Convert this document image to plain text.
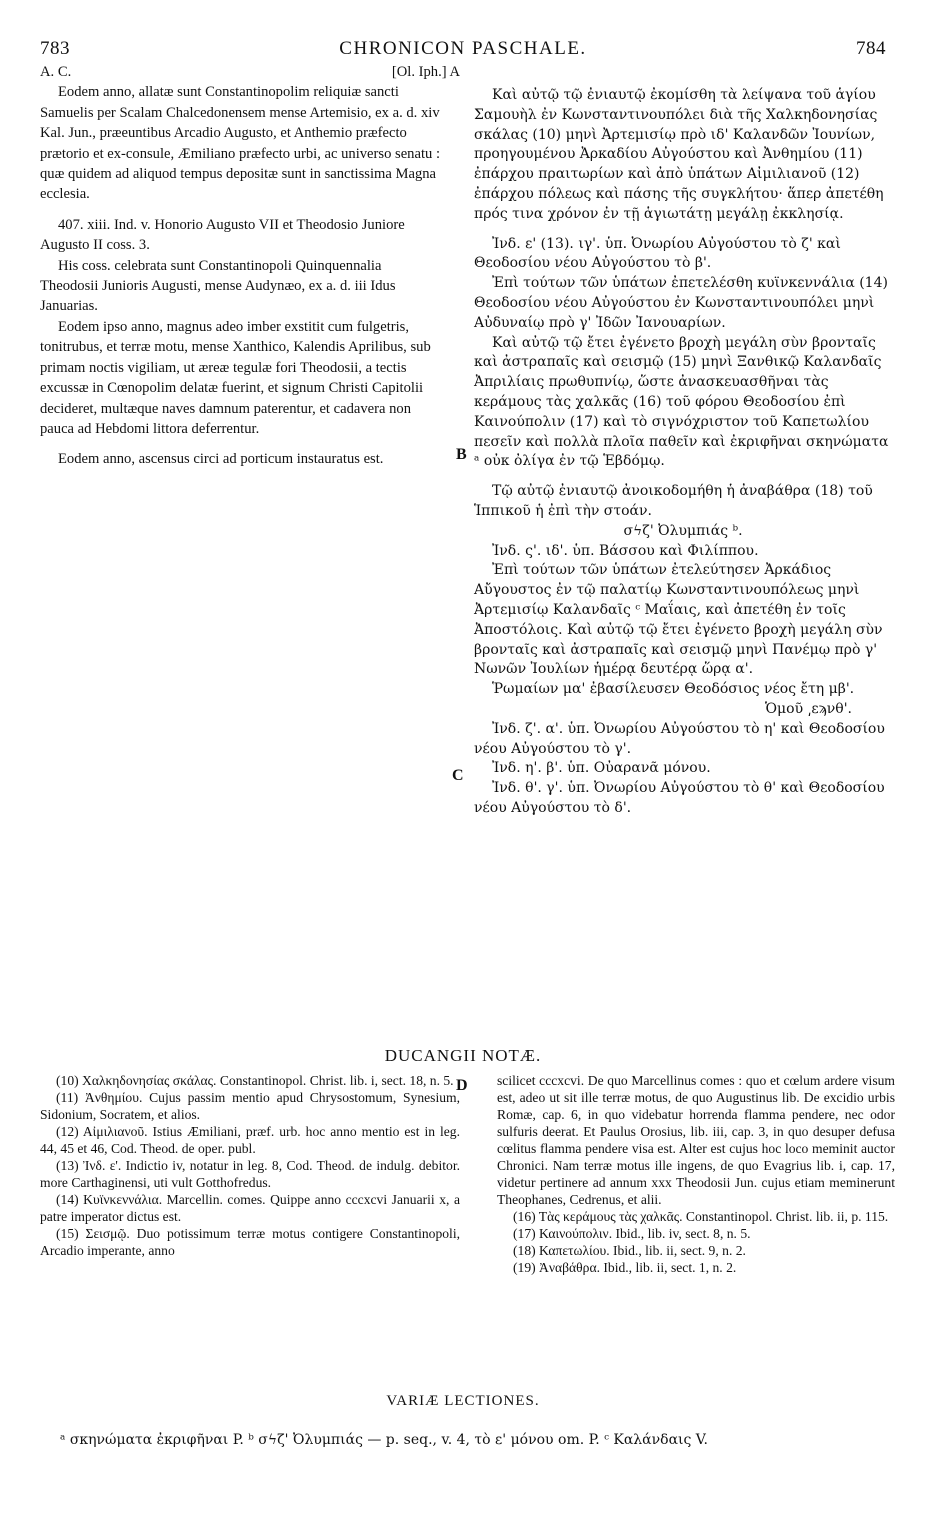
783	CHRONICON PASCHALE.	784
A. C.	[Ol. Iph.] A

Eodem anno, allatæ sunt Constantinopolim reliquiæ sancti Samuelis per Scalam Chalcedonensem mense Artemisio, ex a. d. xiv Kal. Jun., præeuntibus Arcadio Augusto, et Anthemio præfecto prætorio et ex-consule, Æmiliano præfecto urbi, ac universo senatu : quæ quidem ad aliquod tempus depositæ sunt in sanctissima Magna ecclesia.

407. xiii. Ind. v. Honorio Augusto VII et Theodosio Juniore Augusto II coss. 3.

His coss. celebrata sunt Constantinopoli Quinquennalia Theodosii Junioris Augusti, mense Audynæo, ex a. d. iii Idus Januarias.

Eodem ipso anno, magnus adeo imber exstitit cum fulgetris, tonitrubus, et terræ motu, mense Xanthico, Kalendis Aprilibus, sub primam noctis vigiliam, ut æreæ tegulæ fori Theodosii, a tectis excussæ in Cœnopolim delatæ fuerint, et signum Christi Capitolii decideret, multæque naves damnum paterentur, et cadavera non pauca ad Hebdomi littora deferrentur.

Eodem anno, ascensus circi ad porticum instauratus est.	B
C
D

Καὶ αὐτῷ τῷ ἐνιαυτῷ ἐκομίσθη τὰ λείψανα τοῦ ἁγίου Σαμουὴλ ἐν Κωνσταντινουπόλει διὰ τῆς Χαλκηδονησίας σκάλας (10) μηνὶ Ἀρτεμισίῳ πρὸ ιδ' Καλανδῶν Ἰουνίων, προηγουμένου Ἀρκαδίου Αὐγούστου καὶ Ἀνθημίου (11) ἐπάρχου πραιτωρίων καὶ ἀπὸ ὑπάτων Αἰμιλιανοῦ (12) ἐπάρχου πόλεως καὶ πάσης τῆς συγκλήτου· ἅπερ ἀπετέθη πρός τινα χρόνον ἐν τῇ ἁγιωτάτῃ μεγάλῃ ἐκκλησίᾳ.

Ἰνδ. ε' (13). ιγ'. ὑπ. Ὀνωρίου Αὐγούστου τὸ ζ' καὶ Θεοδοσίου νέου Αὐγούστου τὸ β'.

Ἐπὶ τούτων τῶν ὑπάτων ἐπετελέσθη κυϊνκεννάλια (14) Θεοδοσίου νέου Αὐγούστου ἐν Κωνσταντινουπόλει μηνὶ Αὐδυναίῳ πρὸ γ' Ἰδῶν Ἰανουαρίων.

Καὶ αὐτῷ τῷ ἔτει ἐγένετο βροχὴ μεγάλη σὺν βρονταῖς καὶ ἀστραπαῖς καὶ σεισμῷ (15) μηνὶ Ξανθικῷ Καλανδαῖς Ἀπριλίαις πρωθυπνίῳ, ὥστε ἀνασκευασθῆναι τὰς κεράμους τὰς χαλκᾶς (16) τοῦ φόρου Θεοδοσίου ἐπὶ Καινούπολιν (17) καὶ τὸ σιγνόχριστον τοῦ Καπετωλίου πεσεῖν καὶ πολλὰ πλοῖα παθεῖν καὶ ἐκριφῆναι σκηνώματα ᵃ οὐκ ὀλίγα ἐν τῷ Ἑβδόμῳ.

Τῷ αὐτῷ ἐνιαυτῷ ἀνοικοδομήθη ἡ ἀναβάθρα (18) τοῦ Ἱππικοῦ ἡ ἐπὶ τὴν στοάν.

σϟζ' Ὀλυμπιάς ᵇ.

Ἰνδ. ς'. ιδ'. ὑπ. Βάσσου καὶ Φιλίππου.

Ἐπὶ τούτων τῶν ὑπάτων ἐτελεύτησεν Ἀρκάδιος Αὔγουστος ἐν τῷ παλατίῳ Κωνσταντινουπόλεως μηνὶ Ἀρτεμισίῳ Καλανδαῖς ᶜ Μαΐαις, καὶ ἀπετέθη ἐν τοῖς Ἀποστόλοις. Καὶ αὐτῷ τῷ ἔτει ἐγένετο βροχὴ μεγάλη σὺν βρονταῖς καὶ ἀστραπαῖς καὶ σεισμῷ μηνὶ Πανέμῳ πρὸ γ' Νωνῶν Ἰουλίων ἡμέρᾳ δευτέρᾳ ὥρᾳ α'.

Ῥωμαίων μα' ἐβασίλευσεν Θεοδόσιος νέος ἔτη μβ'.

Ὁμοῦ ͵εϡνθ'.

Ἰνδ. ζ'. α'. ὑπ. Ὀνωρίου Αὐγούστου τὸ η' καὶ Θεοδοσίου νέου Αὐγούστου τὸ γ'.

Ἰνδ. η'. β'. ὑπ. Οὐαρανᾶ μόνου.

Ἰνδ. θ'. γ'. ὑπ. Ὀνωρίου Αὐγούστου τὸ θ' καὶ Θεοδοσίου νέου Αὐγούστου τὸ δ'.

DUCANGII NOTÆ.

(10) Χαλκηδονησίας σκάλας. Constantinopol. Christ. lib. i, sect. 18, n. 5.

(11) Ἀνθημίου. Cujus passim mentio apud Chrysostomum, Synesium, Sidonium, Socratem, et alios.

(12) Αἰμιλιανοῦ. Istius Æmiliani, præf. urb. hoc anno mentio est in leg. 44, 45 et 46, Cod. Theod. de oper. publ.

(13) Ἰνδ. ε'. Indictio iv, notatur in leg. 8, Cod. Theod. de indulg. debitor. more Carthaginensi, uti vult Gotthofredus.

(14) Κυϊνκεννάλια. Marcellin. comes. Quippe anno cccxcvi Januarii x, a patre imperator dictus est.

(15) Σεισμῷ. Duo potissimum terræ motus contigere Constantinopoli, Arcadio imperante, anno

scilicet cccxcvi. De quo Marcellinus comes : quo et cœlum ardere visum est, adeo ut sit ille terræ motus, de quo Augustinus lib. De excidio urbis Romæ, cap. 6, in quo videbatur horrenda flamma pendere, nec odor sulfuris deerat. Et Paulus Orosius, lib. iii, cap. 3, in quo desuper defusa cœlitus flamma pendere visa est. Alter est cujus hoc loco meminit auctor Chronici. Nam terræ motus ille ingens, de quo Evagrius lib. i, cap. 17, videtur pertinere ad annum xxx Theodosii Jun. cujus etiam meminerunt Theophanes, Cedrenus, et alii.

(16) Τὰς κεράμους τὰς χαλκᾶς. Constantinopol. Christ. lib. ii, p. 115.

(17) Καινούπολιν. Ibid., lib. iv, sect. 8, n. 5.

(18) Καπετωλίου. Ibid., lib. ii, sect. 9, n. 2.

(19) Ἀναβάθρα. Ibid., lib. ii, sect. 1, n. 2.

VARIÆ LECTIONES.
ᵃ σκηνώματα ἐκριφῆναι P. ᵇ σϟζ' Ὀλυμπιάς — p. seq., v. 4, τὸ ε' μόνου om. P. ᶜ Καλάνδαις V.
